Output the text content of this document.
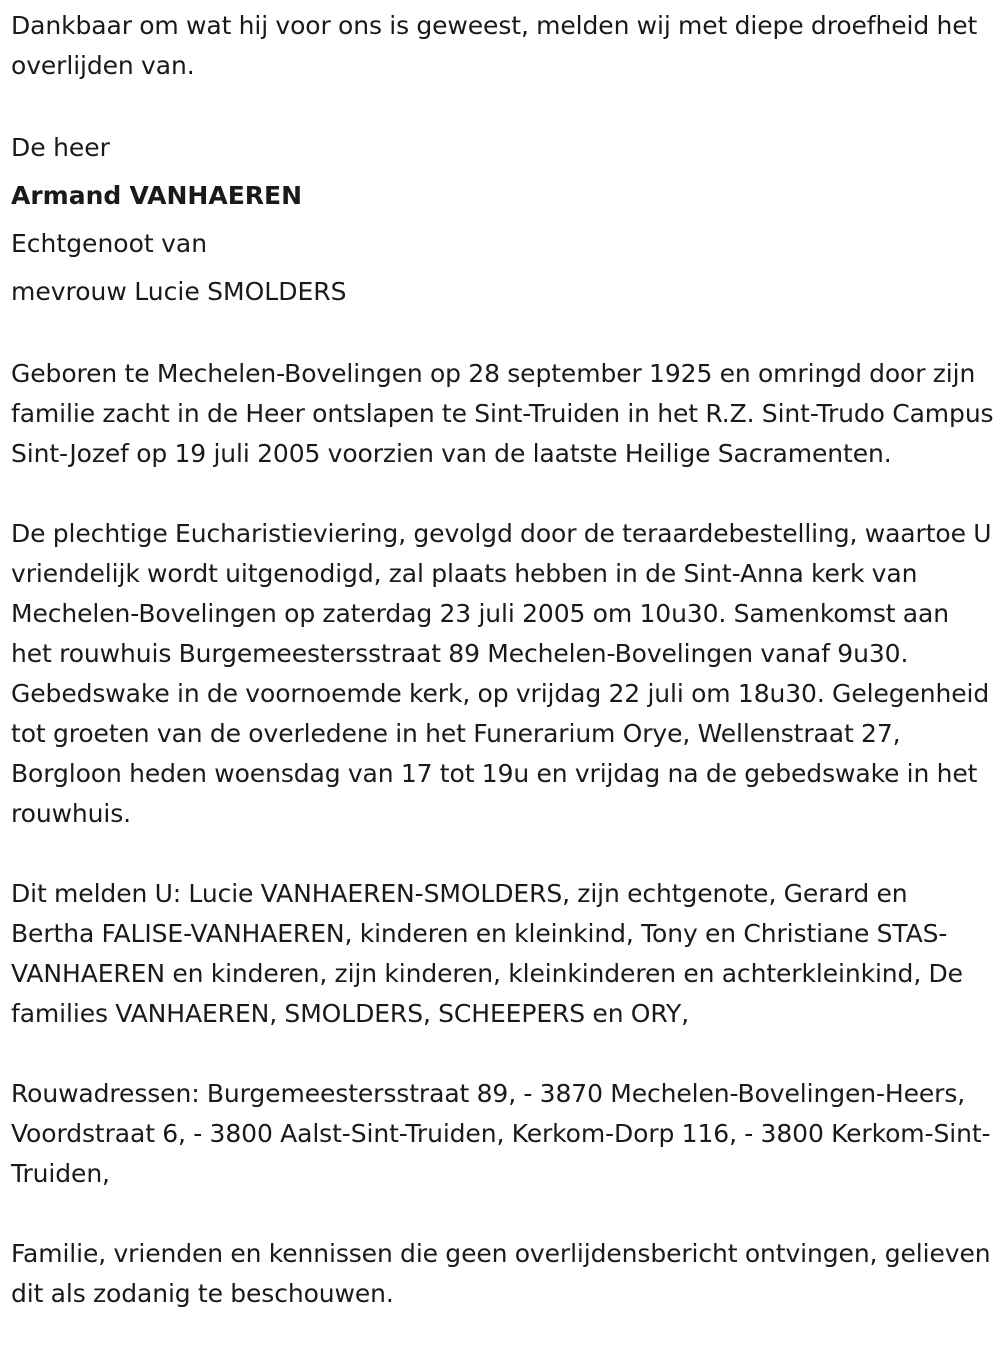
Dankbaar om wat hij voor ons is geweest, melden wij met diepe droefheid het overlijden van.

De heer

Armand VANHAEREN

Echtgenoot van

mevrouw Lucie SMOLDERS

Geboren te Mechelen-Bovelingen op 28 september 1925 en omringd door zijn familie zacht in de Heer ontslapen te Sint-Truiden in het R.Z. Sint-Trudo Campus Sint-Jozef op 19 juli 2005 voorzien van de laatste Heilige Sacramenten.

De plechtige Eucharistieviering, gevolgd door de teraardebestelling, waartoe U vriendelijk wordt uitgenodigd, zal plaats hebben in de Sint-Anna kerk van Mechelen-Bovelingen op zaterdag 23 juli 2005 om 10u30. Samenkomst aan het rouwhuis Burgemeestersstraat 89 Mechelen-Bovelingen vanaf 9u30. Gebedswake in de voornoemde kerk, op vrijdag 22 juli om 18u30. Gelegenheid tot groeten van de overledene in het Funerarium Orye, Wellenstraat 27, Borgloon heden woensdag van 17 tot 19u en vrijdag na de gebedswake in het rouwhuis.

Dit melden U: Lucie VANHAEREN-SMOLDERS, zijn echtgenote, Gerard en Bertha FALISE-VANHAEREN, kinderen en kleinkind, Tony en Christiane STAS-VANHAEREN en kinderen, zijn kinderen, kleinkinderen en achterkleinkind, De families VANHAEREN, SMOLDERS, SCHEEPERS en ORY,

Rouwadressen: Burgemeestersstraat 89, - 3870 Mechelen-Bovelingen-Heers, Voordstraat 6, - 3800 Aalst-Sint-Truiden, Kerkom-Dorp 116, - 3800 Kerkom-Sint-Truiden,

Familie, vrienden en kennissen die geen overlijdensbericht ontvingen, gelieven dit als zodanig te beschouwen.
